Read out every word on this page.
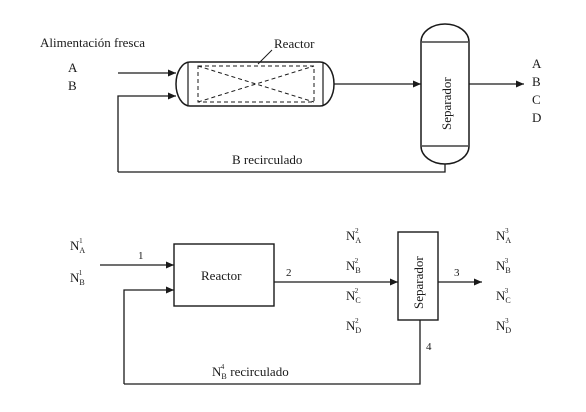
Alimentación fresca
A
B
Reactor
Separador
A
B
C
D
B recirculado
$N_A1$
$N_B1$
1
Reactor	2
$N_A2$
$N_B2$
$N_C2$
$N_D2$
Separador	3
$N_A3$
$N_B3$
$N_C3$
$N_D3$
4
$N_B4$ recirculado
